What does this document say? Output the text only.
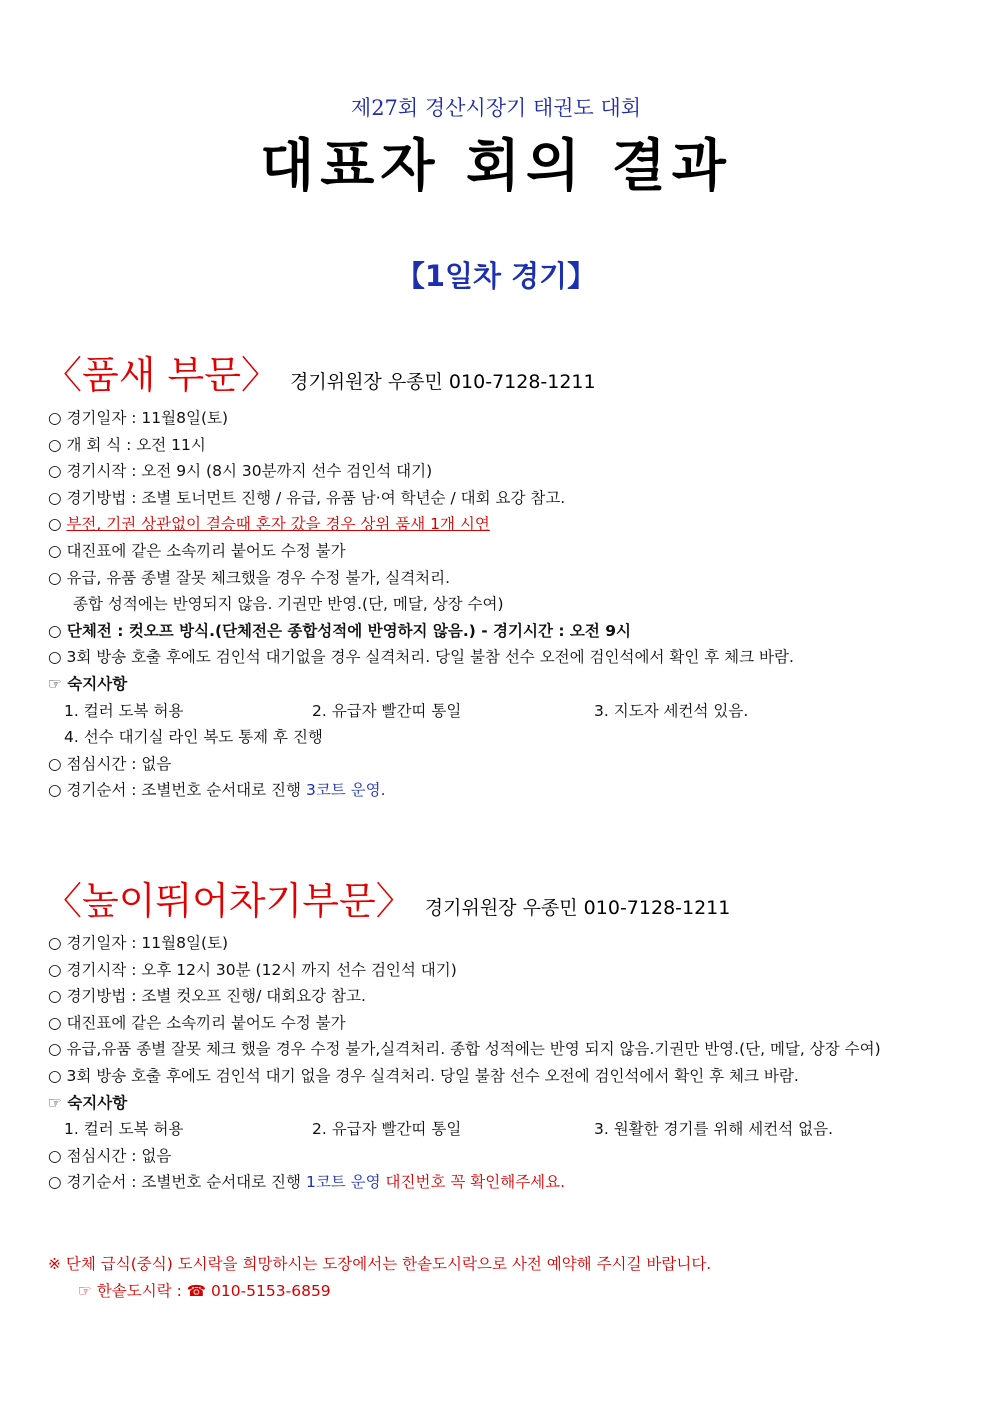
제27회 경산시장기 태권도 대회
대표자 회의 결과
【1일차 경기】
〈품새 부문〉 경기위원장 우종민 010-7128-1211
○ 경기일자 : 11월8일(토)
○ 개 회 식 : 오전 11시
○ 경기시작 : 오전 9시 (8시 30분까지 선수 검인석 대기)
○ 경기방법 : 조별 토너먼트 진행 / 유급, 유품 남·여 학년순 / 대회 요강 참고.
○ 부전, 기권 상관없이 결승때 혼자 갔을 경우 상위 품새 1개 시연
○ 대진표에 같은 소속끼리 붙어도 수정 불가
○ 유급, 유품 종별 잘못 체크했을 경우 수정 불가, 실격처리.
종합 성적에는 반영되지 않음. 기권만 반영.(단, 메달, 상장 수여)
○ 단체전 : 컷오프 방식.(단체전은 종합성적에 반영하지 않음.) - 경기시간 : 오전 9시
○ 3회 방송 호출 후에도 검인석 대기없을 경우 실격처리. 당일 불참 선수 오전에 검인석에서 확인 후 체크 바람.
☞ 숙지사항
1. 컬러 도복 허용	2. 유급자 빨간띠 통일	3. 지도자 세컨석 있음.
4. 선수 대기실 라인 복도 통제 후 진행
○ 점심시간 : 없음
○ 경기순서 : 조별번호 순서대로 진행 3코트 운영.
〈높이뛰어차기부문〉 경기위원장 우종민 010-7128-1211
○ 경기일자 : 11월8일(토)
○ 경기시작 : 오후 12시 30분 (12시 까지 선수 검인석 대기)
○ 경기방법 : 조별 컷오프 진행/ 대회요강 참고.
○ 대진표에 같은 소속끼리 붙어도 수정 불가
○ 유급,유품 종별 잘못 체크 했을 경우 수정 불가,실격처리. 종합 성적에는 반영 되지 않음.기권만 반영.(단, 메달, 상장 수여)
○ 3회 방송 호출 후에도 검인석 대기 없을 경우 실격처리. 당일 불참 선수 오전에 검인석에서 확인 후 체크 바람.
☞ 숙지사항
1. 컬러 도복 허용	2. 유급자 빨간띠 통일	3. 원활한 경기를 위해 세컨석 없음.
○ 점심시간 : 없음
○ 경기순서 : 조별번호 순서대로 진행 1코트 운영 대진번호 꼭 확인해주세요.
※ 단체 급식(중식) 도시락을 희망하시는 도장에서는 한솥도시락으로 사전 예약해 주시길 바랍니다.
☞ 한솥도시락 : ☎ 010-5153-6859
